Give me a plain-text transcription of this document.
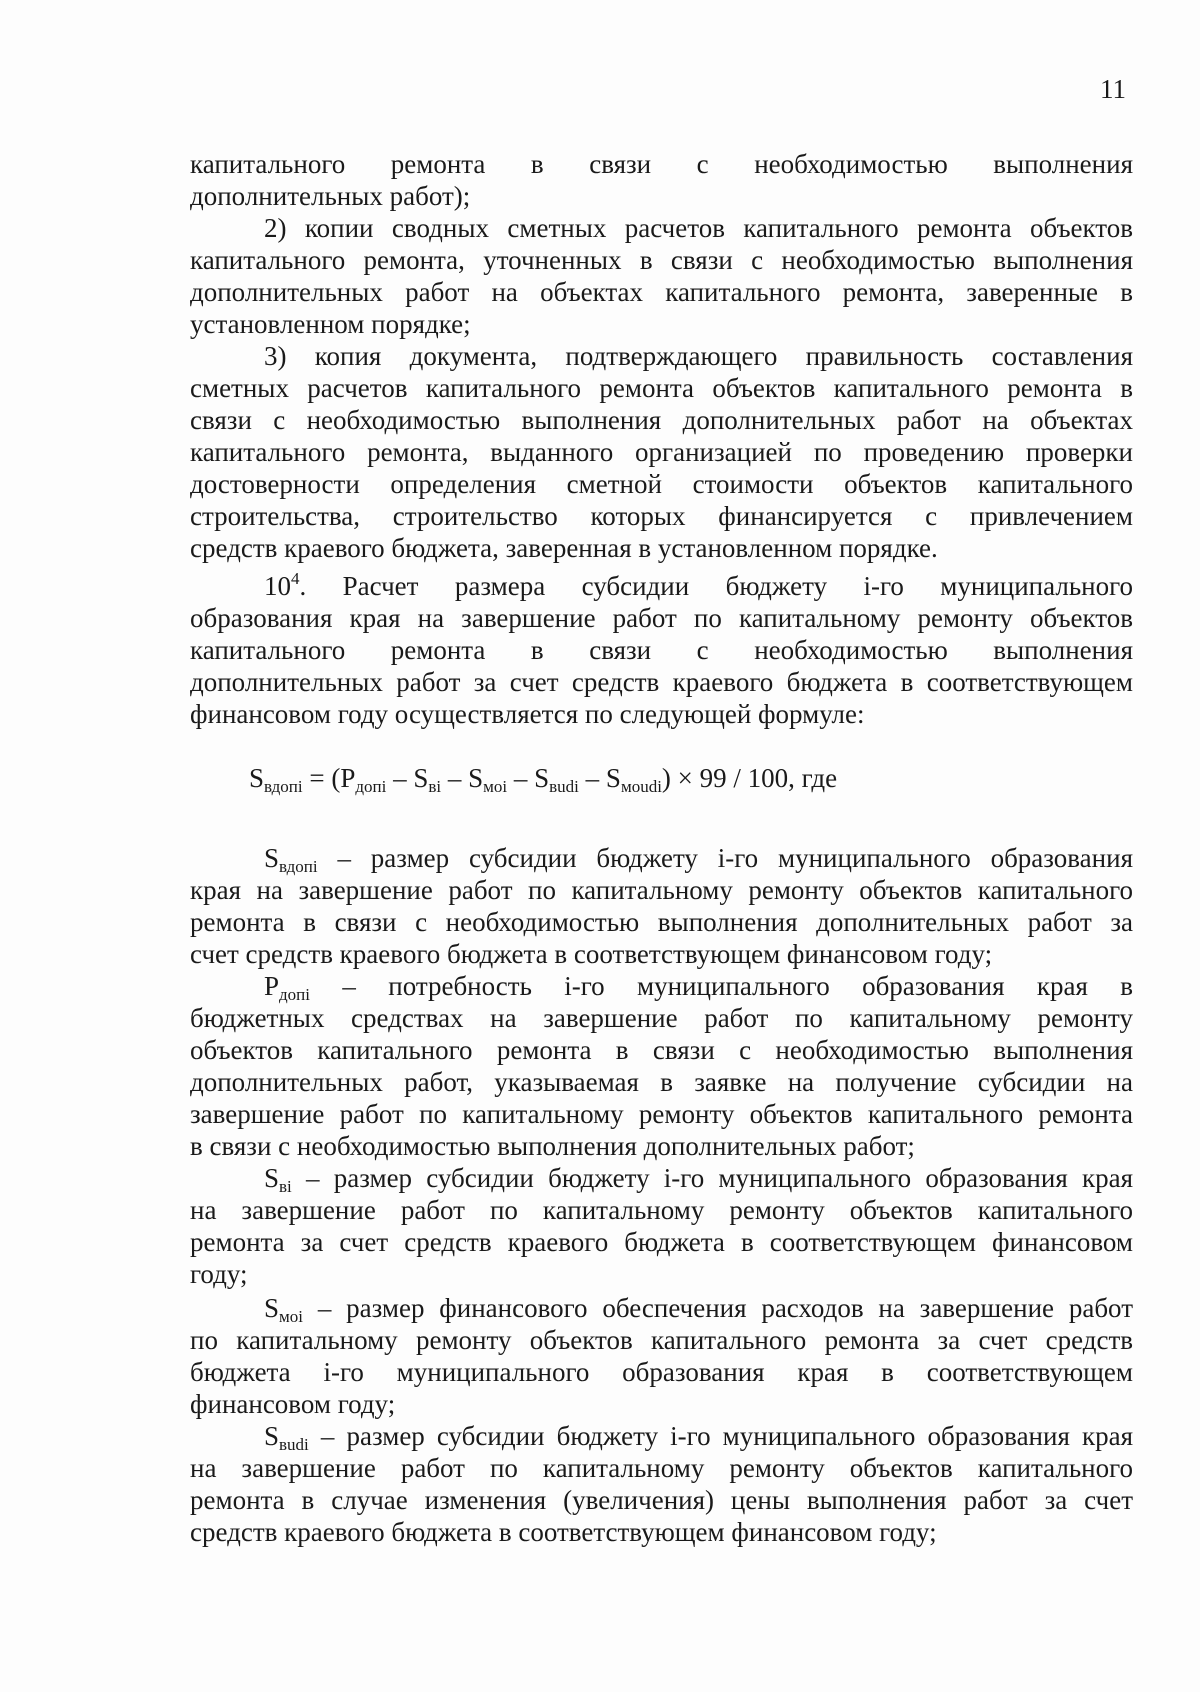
11
капитального ремонта в связи с необходимостью выполнения
дополнительных работ);
2) копии сводных сметных расчетов капитального ремонта объектов
капитального ремонта, уточненных в связи с необходимостью выполнения
дополнительных работ на объектах капитального ремонта, заверенные в
установленном порядке;
3) копия документа, подтверждающего правильность составления
сметных расчетов капитального ремонта объектов капитального ремонта в
связи с необходимостью выполнения дополнительных работ на объектах
капитального ремонта, выданного организацией по проведению проверки
достоверности определения сметной стоимости объектов капитального
строительства, строительство которых финансируется с привлечением
средств краевого бюджета, заверенная в установленном порядке.
$10^4$. Расчет размера субсидии бюджету і-го муниципального
образования края на завершение работ по капитальному ремонту объектов
капитального ремонта в связи с необходимостью выполнения
дополнительных работ за счет средств краевого бюджета в соответствующем
финансовом году осуществляется по следующей формуле:
$S_{вдопі} = (Р_{допі} - S_{ві} - S_{моі} - S_{вudі} - S_{моudі}) \times 99 / 100$, где
$S_{вдопі}$ – размер субсидии бюджету і-го муниципального образования
края на завершение работ по капитальному ремонту объектов капитального
ремонта в связи с необходимостью выполнения дополнительных работ за
счет средств краевого бюджета в соответствующем финансовом году;
$Р_{допі}$ – потребность і-го муниципального образования края в
бюджетных средствах на завершение работ по капитальному ремонту
объектов капитального ремонта в связи с необходимостью выполнения
дополнительных работ, указываемая в заявке на получение субсидии на
завершение работ по капитальному ремонту объектов капитального ремонта
в связи с необходимостью выполнения дополнительных работ;
$S_{ві}$ – размер субсидии бюджету і-го муниципального образования края
на завершение работ по капитальному ремонту объектов капитального
ремонта за счет средств краевого бюджета в соответствующем финансовом
году;
$S_{моі}$ – размер финансового обеспечения расходов на завершение работ
по капитальному ремонту объектов капитального ремонта за счет средств
бюджета і-го муниципального образования края в соответствующем
финансовом году;
$S_{вudі}$ – размер субсидии бюджету і-го муниципального образования края
на завершение работ по капитальному ремонту объектов капитального
ремонта в случае изменения (увеличения) цены выполнения работ за счет
средств краевого бюджета в соответствующем финансовом году;
